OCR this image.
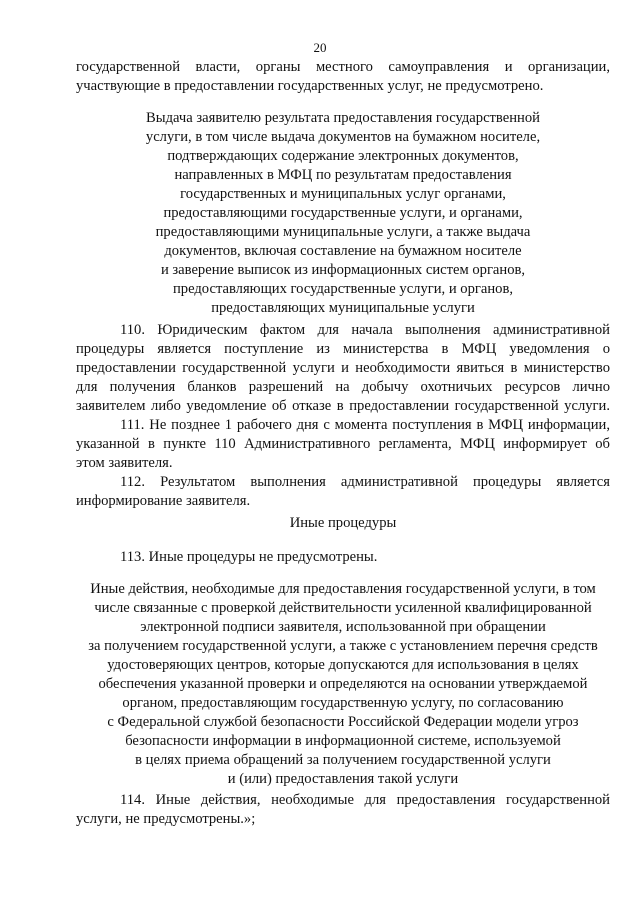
20
государственной власти, органы местного самоуправления и организации,
участвующие в предоставлении государственных услуг, не предусмотрено.
Выдача заявителю результата предоставления государственной
услуги, в том числе выдача документов на бумажном носителе,
подтверждающих содержание электронных документов,
направленных в МФЦ по результатам предоставления
государственных и муниципальных услуг органами,
предоставляющими государственные услуги, и органами,
предоставляющими муниципальные услуги, а также выдача
документов, включая составление на бумажном носителе
и заверение выписок из информационных систем органов,
предоставляющих государственные услуги, и органов,
предоставляющих муниципальные услуги
110. Юридическим фактом для начала выполнения административной
процедуры является поступление из министерства в МФЦ уведомления о
предоставлении государственной услуги и необходимости явиться в министерство
для получения бланков разрешений на добычу охотничьих ресурсов лично
заявителем либо уведомление об отказе в предоставлении государственной услуги.
111. Не позднее 1 рабочего дня с момента поступления в МФЦ информации,
указанной в пункте 110 Административного регламента, МФЦ информирует об
этом заявителя.
112. Результатом выполнения административной процедуры является
информирование заявителя.
Иные процедуры
113. Иные процедуры не предусмотрены.
Иные действия, необходимые для предоставления государственной услуги, в том
числе связанные с проверкой действительности усиленной квалифицированной
электронной подписи заявителя, использованной при обращении
за получением государственной услуги, а также с установлением перечня средств
удостоверяющих центров, которые допускаются для использования в целях
обеспечения указанной проверки и определяются на основании утверждаемой
органом, предоставляющим государственную услугу, по согласованию
с Федеральной службой безопасности Российской Федерации модели угроз
безопасности информации в информационной системе, используемой
в целях приема обращений за получением государственной услуги
и (или) предоставления такой услуги
114. Иные действия, необходимые для предоставления государственной
услуги, не предусмотрены.»;
